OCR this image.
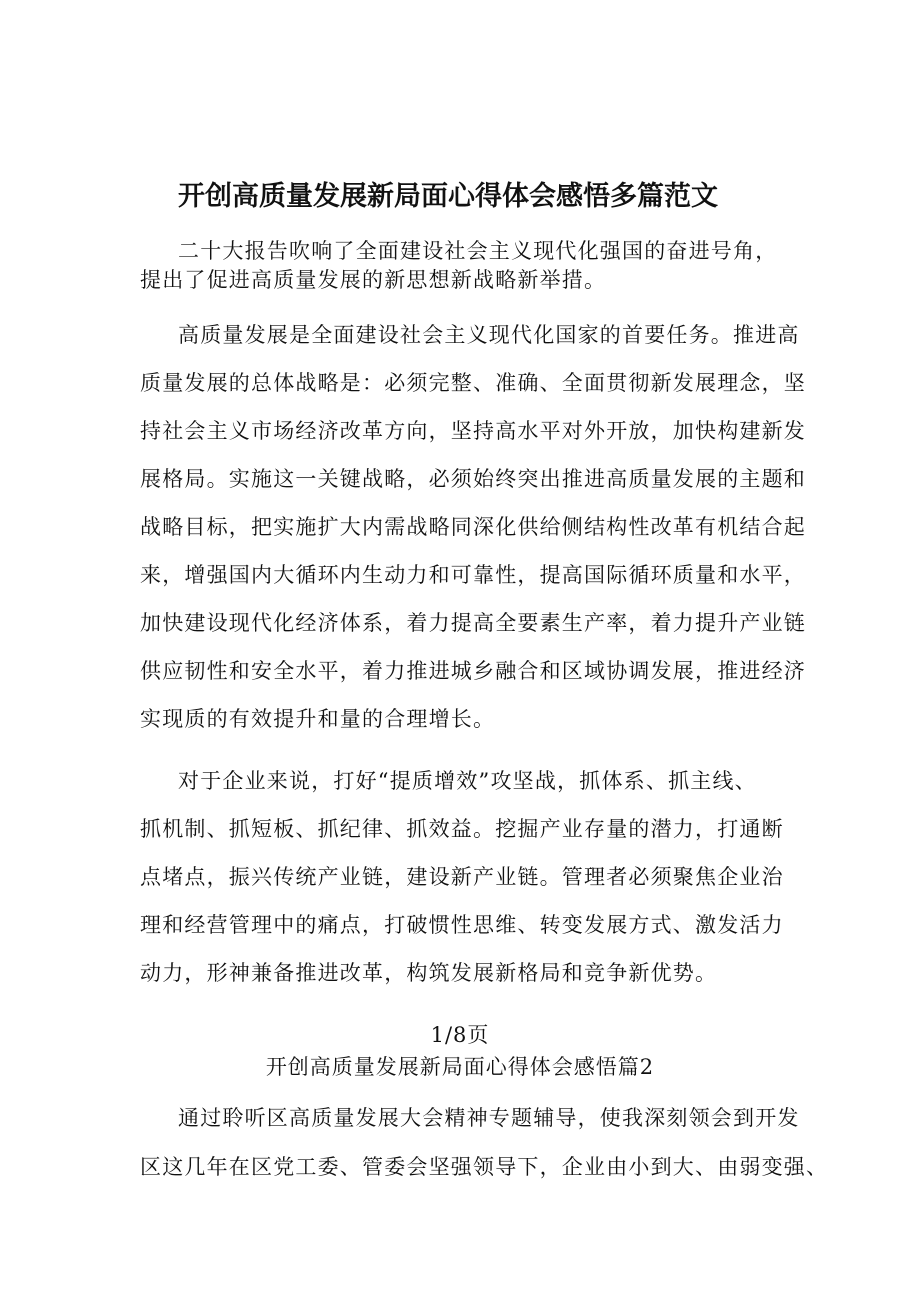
开创高质量发展新局面心得体会感悟多篇范文
二十大报告吹响了全面建设社会主义现代化强国的奋进号角，
提出了促进高质量发展的新思想新战略新举措。
高质量发展是全面建设社会主义现代化国家的首要任务。推进高
质量发展的总体战略是：必须完整、准确、全面贯彻新发展理念，坚
持社会主义市场经济改革方向，坚持高水平对外开放，加快构建新发
展格局。实施这一关键战略，必须始终突出推进高质量发展的主题和
战略目标，把实施扩大内需战略同深化供给侧结构性改革有机结合起
来，增强国内大循环内生动力和可靠性，提高国际循环质量和水平，
加快建设现代化经济体系，着力提高全要素生产率，着力提升产业链
供应韧性和安全水平，着力推进城乡融合和区域协调发展，推进经济
实现质的有效提升和量的合理增长。
对于企业来说，打好“提质增效”攻坚战，抓体系、抓主线、
抓机制、抓短板、抓纪律、抓效益。挖掘产业存量的潜力，打通断
点堵点，振兴传统产业链，建设新产业链。管理者必须聚焦企业治
理和经营管理中的痛点，打破惯性思维、转变发展方式、激发活力
动力，形神兼备推进改革，构筑发展新格局和竞争新优势。
1/8页
开创高质量发展新局面心得体会感悟篇2
通过聆听区高质量发展大会精神专题辅导，使我深刻领会到开发
区这几年在区党工委、管委会坚强领导下，企业由小到大、由弱变强、
